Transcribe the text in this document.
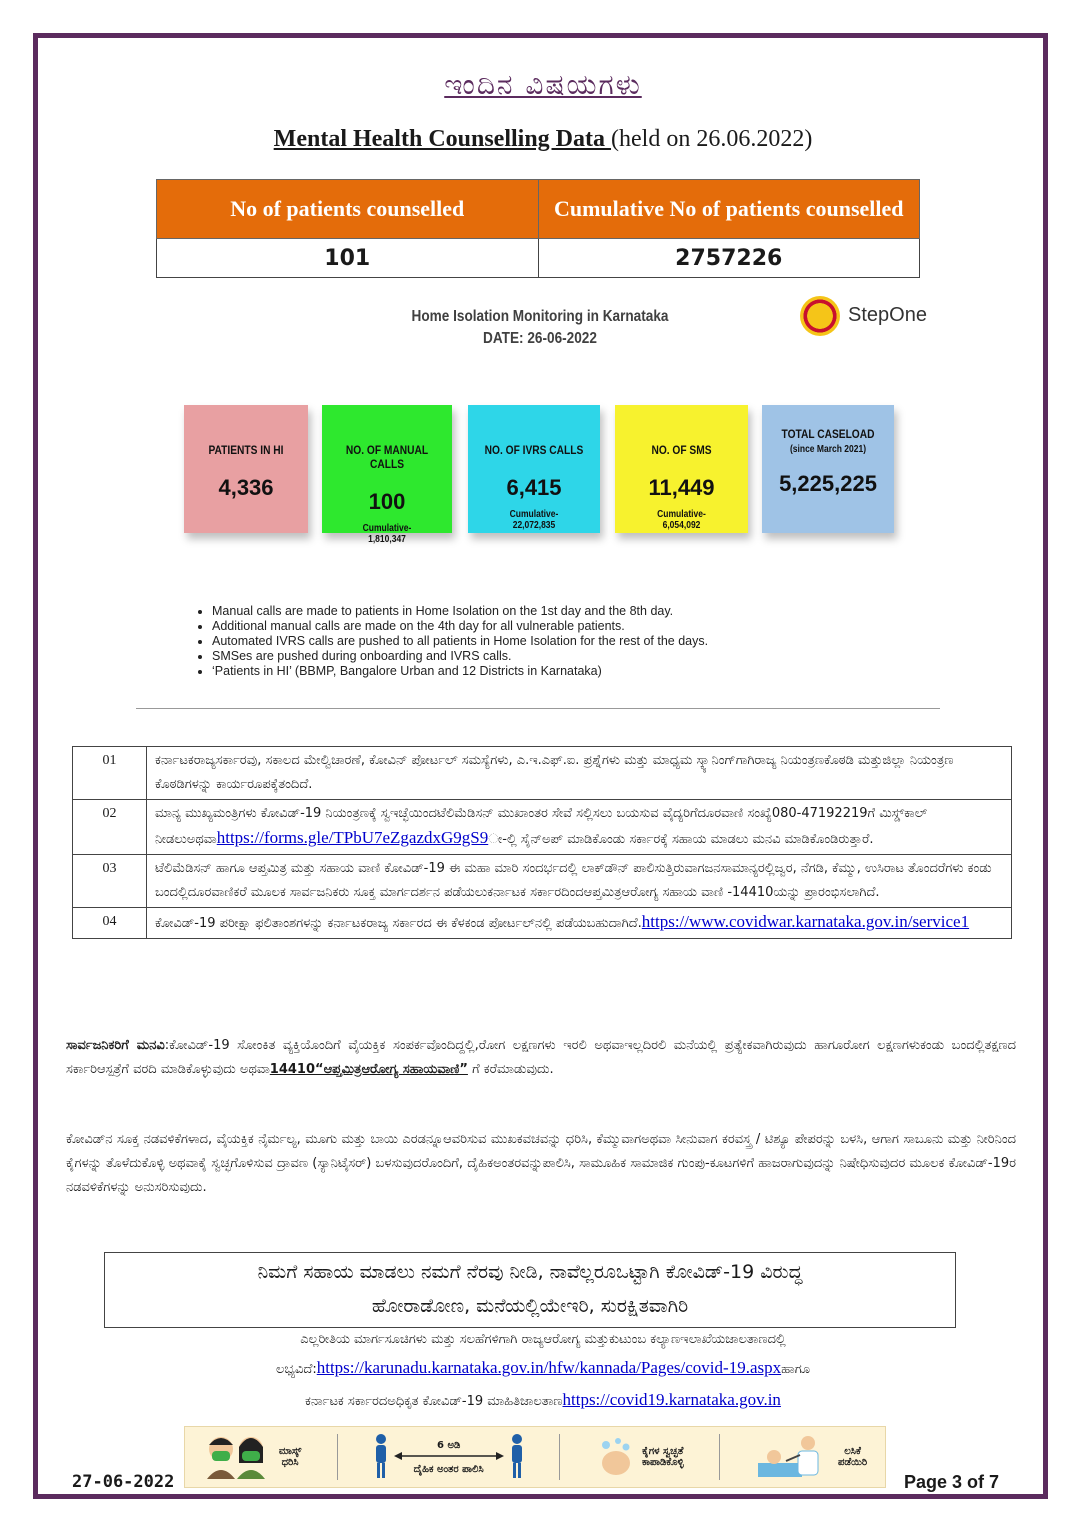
ಇಂದಿನ ವಿಷಯಗಳು
Mental Health Counselling Data (held on 26.06.2022)
No of patients counselled	Cumulative No of patients counselled
101	2757226
Home Isolation Monitoring in Karnataka
DATE: 26-06-2022
StepOne
PATIENTS IN HI
4,336
NO. OF MANUAL CALLS
100
Cumulative-
1,810,347
NO. OF IVRS CALLS
6,415
Cumulative-
22,072,835
NO. OF SMS
11,449
Cumulative-
6,054,092
TOTAL CASELOAD
(since March 2021)
5,225,225
• Manual calls are made to patients in Home Isolation on the 1st day and the 8th day.
• Additional manual calls are made on the 4th day for all vulnerable patients.
• Automated IVRS calls are pushed to all patients in Home Isolation for the rest of the days.
• SMSes are pushed during onboarding and IVRS calls.
• ‘Patients in HI’ (BBMP, Bangalore Urban and 12 Districts in Karnataka)
01	ಕರ್ನಾಟಕರಾಜ್ಯಸರ್ಕಾರವು, ಸಕಾಲದ ಮೇಲ್ವಿಚಾರಣೆ, ಕೋವಿನ್ ಪೋರ್ಟಲ್ ಸಮಸ್ಯೆಗಳು, ಎ.ಇ.ಎಫ್.ಐ. ಪ್ರಶ್ನೆಗಳು ಮತ್ತು ಮಾಧ್ಯಮ ಸ್ಕ್ಯಾನಿಂಗ್‌ಗಾಗಿರಾಜ್ಯ ನಿಯಂತ್ರಣಕೊಠಡಿ ಮತ್ತುಜಿಲ್ಲಾ ನಿಯಂತ್ರಣ ಕೊಠಡಿಗಳನ್ನು ಕಾರ್ಯರೂಪಕ್ಕೆತಂದಿದೆ.
02	ಮಾನ್ಯ ಮುಖ್ಯಮಂತ್ರಿಗಳು ಕೋವಿಡ್-19 ನಿಯಂತ್ರಣಕ್ಕೆ ಸ್ವಇಚ್ಛೆಯಿಂದಟೆಲಿಮೆಡಿಸನ್ ಮುಖಾಂತರ ಸೇವೆ ಸಲ್ಲಿಸಲು ಬಯಸುವ ವೈದ್ಯರಿಗೆದೂರವಾಣಿ ಸಂಖ್ಯೆ080-47192219ಗೆ ಮಿಸ್ಡ್‌ಕಾಲ್ ನೀಡಲುಅಥವಾhttps://forms.gle/TPbU7eZgazdxG9gS9ೕ-ಲ್ಲಿ ಸೈನ್‌ಅಪ್ ಮಾಡಿಕೊಂಡು ಸರ್ಕಾರಕ್ಕೆ ಸಹಾಯ ಮಾಡಲು ಮನವಿ ಮಾಡಿಕೊಂಡಿರುತ್ತಾರೆ.
03	ಟೆಲಿಮೆಡಿಸನ್ ಹಾಗೂ ಆಪ್ತಮಿತ್ರ ಮತ್ತು ಸಹಾಯ ವಾಣಿ ಕೋವಿಡ್-19 ಈ ಮಹಾ ಮಾರಿ ಸಂದರ್ಭದಲ್ಲಿ ಲಾಕ್‌ಡೌನ್ ಪಾಲಿಸುತ್ತಿರುವಾಗಜನಸಾಮಾನ್ಯರಲ್ಲಿಜ್ವರ, ನೆಗಡಿ, ಕೆಮ್ಮು, ಉಸಿರಾಟ ತೊಂದರೆಗಳು ಕಂಡು ಬಂದಲ್ಲಿದೂರವಾಣಿಕರೆ ಮೂಲಕ ಸಾರ್ವಜನಿಕರು ಸೂಕ್ತ ಮಾರ್ಗದರ್ಶನ ಪಡೆಯಲುಕರ್ನಾಟಕ ಸರ್ಕಾರದಿಂದಆಪ್ತಮಿತ್ರಆರೋಗ್ಯ ಸಹಾಯ ವಾಣಿ -14410ಯನ್ನು ಪ್ರಾರಂಭಿಸಲಾಗಿದೆ.
04	ಕೋವಿಡ್-19 ಪರೀಕ್ಷಾ ಫಲಿತಾಂಶಗಳನ್ನು ಕರ್ನಾಟಕರಾಜ್ಯ ಸರ್ಕಾರದ ಈ ಕೆಳಕಂಡ ಪೋರ್ಟಲ್‌ನಲ್ಲಿ ಪಡೆಯಬಹುದಾಗಿದೆ.https://www.covidwar.karnataka.gov.in/service1
ಸಾರ್ವಜನಿಕರಿಗೆ ಮನವಿ:ಕೋವಿಡ್-19 ಸೋಂಕಿತ ವ್ಯಕ್ತಿಯೊಂದಿಗೆ ವೈಯಕ್ತಿಕ ಸಂಪರ್ಕವೊಂದಿದ್ದಲ್ಲಿ,ರೋಗ ಲಕ್ಷಣಗಳು ಇರಲಿ ಅಥವಾಇಲ್ಲದಿರಲಿ ಮನೆಯಲ್ಲಿ ಪ್ರತ್ಯೇಕವಾಗಿರುವುದು ಹಾಗೂರೋಗ ಲಕ್ಷಣಗಳುಕಂಡು ಬಂದಲ್ಲಿತಕ್ಷಣದ ಸರ್ಕಾರಿಆಸ್ಪತ್ರೆಗೆ ವರದಿ ಮಾಡಿಕೊಳ್ಳುವುದು ಅಥವಾ14410“ಆಪ್ತಮಿತ್ರಆರೋಗ್ಯ ಸಹಾಯವಾಣಿ” ಗೆ ಕರೆಮಾಡುವುದು.
ಕೋವಿಡ್‌ನ ಸೂಕ್ತ ನಡವಳಿಕೆಗಳಾದ, ವೈಯಕ್ತಿಕ ನೈರ್ಮಲ್ಯ, ಮೂಗು ಮತ್ತು ಬಾಯಿ ಎರಡನ್ನೂಆವರಿಸುವ ಮುಖಕವಚವನ್ನು ಧರಿಸಿ, ಕೆಮ್ಮುವಾಗಅಥವಾ ಸೀನುವಾಗ ಕರವಸ್ತ್ರ / ಟಿಶ್ಯೂ ಪೇಪರನ್ನು ಬಳಸಿ, ಆಗಾಗ ಸಾಬೂನು ಮತ್ತು ನೀರಿನಿಂದ ಕೈಗಳನ್ನು ತೊಳೆದುಕೊಳ್ಳಿ ಅಥವಾಕೈ ಸ್ವಚ್ಛಗೊಳಿಸುವ ದ್ರಾವಣ (ಸ್ಯಾನಿಟೈಸರ್) ಬಳಸುವುದರೊಂದಿಗೆ, ದೈಹಿಕಅಂತರವನ್ನುಪಾಲಿಸಿ, ಸಾಮೂಹಿಕ ಸಾಮಾಜಿಕ ಗುಂಪು-ಕೂಟಗಳಿಗೆ ಹಾಜರಾಗುವುದನ್ನು ನಿಷೇಧಿಸುವುದರ ಮೂಲಕ ಕೋವಿಡ್-19ರ ನಡವಳಿಕೆಗಳನ್ನು ಅನುಸರಿಸುವುದು.
ನಿಮಗೆ ಸಹಾಯ ಮಾಡಲು ನಮಗೆ ನೆರವು ನೀಡಿ, ನಾವೆಲ್ಲರೂಒಟ್ಟಾಗಿ ಕೋವಿಡ್-19 ವಿರುದ್ಧ
ಹೋರಾಡೋಣ, ಮನೆಯಲ್ಲಿಯೇಇರಿ, ಸುರಕ್ಷಿತವಾಗಿರಿ
ಎಲ್ಲರೀತಿಯ ಮಾರ್ಗಸೂಚಿಗಳು ಮತ್ತು ಸಲಹೆಗಳಿಗಾಗಿ ರಾಜ್ಯಆರೋಗ್ಯ ಮತ್ತುಕುಟುಂಬ ಕಲ್ಯಾಣಇಲಾಖೆಯಜಾಲತಾಣದಲ್ಲಿ
ಲಭ್ಯವಿದೆ:https://karunadu.karnataka.gov.in/hfw/kannada/Pages/covid-19.aspxಹಾಗೂ
ಕರ್ನಾಟಕ ಸರ್ಕಾರದಅಧಿಕೃತ ಕೋವಿಡ್-19 ಮಾಹಿತಿಜಾಲತಾಣhttps://covid19.karnataka.gov.in
ಮಾಸ್ಕ್
ಧರಿಸಿ
6 ಅಡಿ
ದೈಹಿಕ ಅಂತರ ಪಾಲಿಸಿ
ಕೈಗಳ ಸ್ವಚ್ಛತೆ
ಕಾಪಾಡಿಕೊಳ್ಳಿ
ಲಸಿಕೆ
ಪಡೆಯಿರಿ
27-06-2022	Page 3 of 7
